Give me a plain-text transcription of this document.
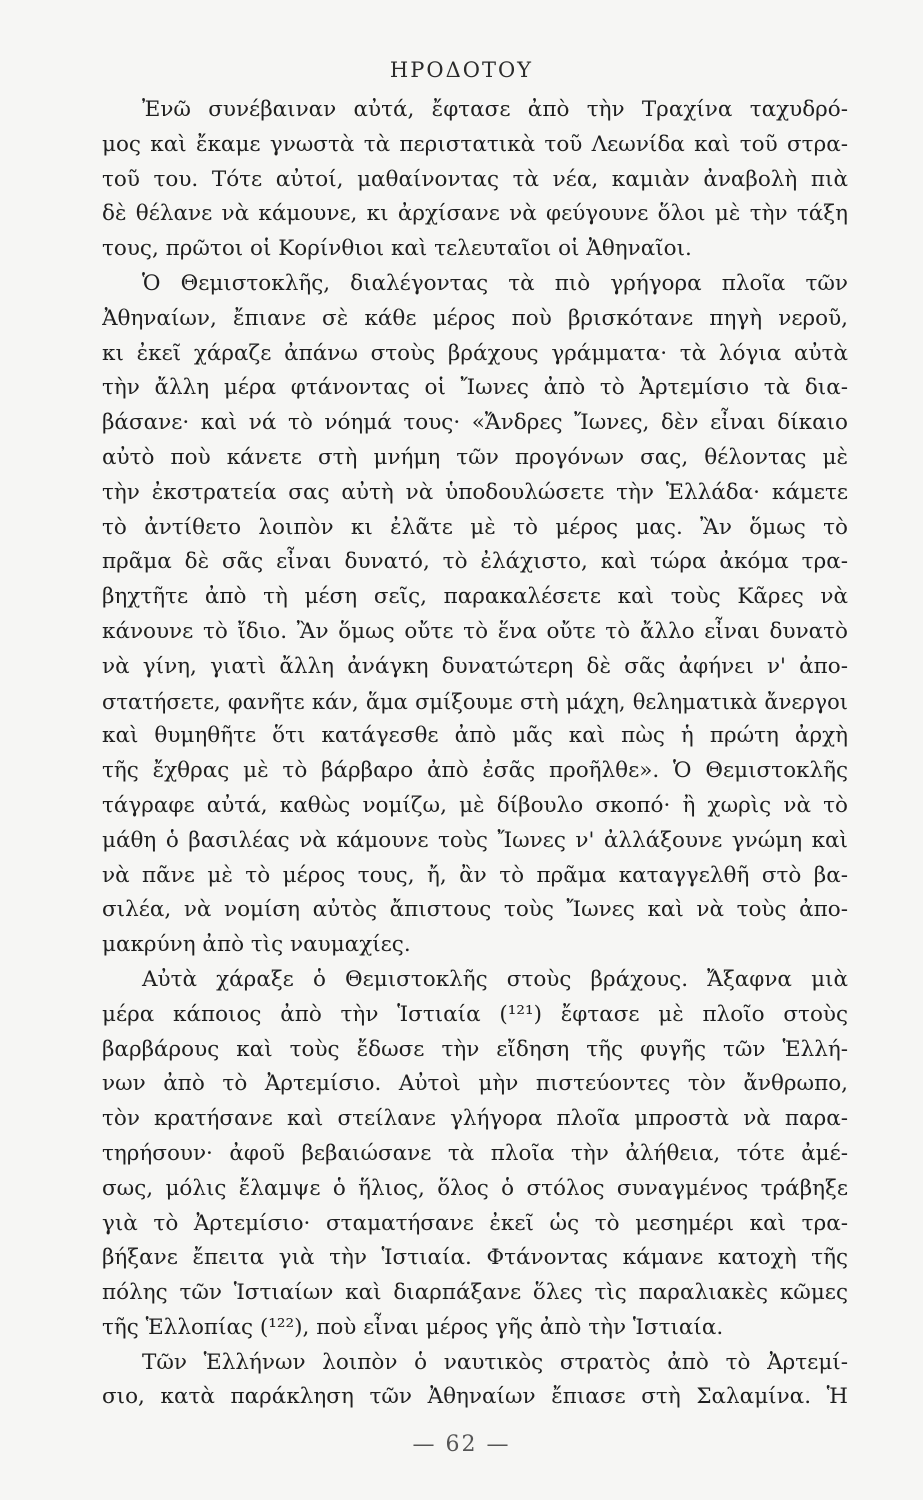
ΗΡΟΔΟΤΟΥ
Ἐνῶ συνέβαιναν αὐτά, ἔφτασε ἀπὸ τὴν Τραχίνα ταχυδρό-
μος καὶ ἔκαμε γνωστὰ τὰ περιστατικὰ τοῦ Λεωνίδα καὶ τοῦ στρα-
τοῦ του. Τότε αὐτοί, μαθαίνοντας τὰ νέα, καμιὰν ἀναβολὴ πιὰ
δὲ θέλανε νὰ κάμουνε, κι ἀρχίσανε νὰ φεύγουνε ὅλοι μὲ τὴν τάξη
τους, πρῶτοι οἱ Κορίνθιοι καὶ τελευταῖοι οἱ Ἀθηναῖοι.
Ὁ Θεμιστοκλῆς, διαλέγοντας τὰ πιὸ γρήγορα πλοῖα τῶν
Ἀθηναίων, ἔπιανε σὲ κάθε μέρος ποὺ βρισκότανε πηγὴ νεροῦ,
κι ἐκεῖ χάραζε ἀπάνω στοὺς βράχους γράμματα· τὰ λόγια αὐτὰ
τὴν ἄλλη μέρα φτάνοντας οἱ Ἴωνες ἀπὸ τὸ Ἀρτεμίσιο τὰ δια-
βάσανε· καὶ νά τὸ νόημά τους· «Ἄνδρες Ἴωνες, δὲν εἶναι δίκαιο
αὐτὸ ποὺ κάνετε στὴ μνήμη τῶν προγόνων σας, θέλοντας μὲ
τὴν ἐκστρατεία σας αὐτὴ νὰ ὑποδουλώσετε τὴν Ἑλλάδα· κάμετε
τὸ ἀντίθετο λοιπὸν κι ἐλᾶτε μὲ τὸ μέρος μας. Ἂν ὅμως τὸ
πρᾶμα δὲ σᾶς εἶναι δυνατό, τὸ ἐλάχιστο, καὶ τώρα ἀκόμα τρα-
βηχτῆτε ἀπὸ τὴ μέση σεῖς, παρακαλέσετε καὶ τοὺς Κᾶρες νὰ
κάνουνε τὸ ἴδιο. Ἂν ὅμως οὔτε τὸ ἕνα οὔτε τὸ ἄλλο εἶναι δυνατὸ
νὰ γίνη, γιατὶ ἄλλη ἀνάγκη δυνατώτερη δὲ σᾶς ἀφήνει ν' ἀπο-
στατήσετε, φανῆτε κάν, ἅμα σμίξουμε στὴ μάχη, θεληματικὰ ἄνεργοι
καὶ θυμηθῆτε ὅτι κατάγεσθε ἀπὸ μᾶς καὶ πὼς ἡ πρώτη ἀρχὴ
τῆς ἔχθρας μὲ τὸ βάρβαρο ἀπὸ ἐσᾶς προῆλθε». Ὁ Θεμιστοκλῆς
τάγραφε αὐτά, καθὼς νομίζω, μὲ δίβουλο σκοπό· ἢ χωρὶς νὰ τὸ
μάθη ὁ βασιλέας νὰ κάμουνε τοὺς Ἴωνες ν' ἀλλάξουνε γνώμη καὶ
νὰ πᾶνε μὲ τὸ μέρος τους, ἤ, ἂν τὸ πρᾶμα καταγγελθῆ στὸ βα-
σιλέα, νὰ νομίση αὐτὸς ἄπιστους τοὺς Ἴωνες καὶ νὰ τοὺς ἀπο-
μακρύνη ἀπὸ τὶς ναυμαχίες.
Αὐτὰ χάραξε ὁ Θεμιστοκλῆς στοὺς βράχους. Ἄξαφνα μιὰ
μέρα κάποιος ἀπὸ τὴν Ἱστιαία (¹²¹) ἔφτασε μὲ πλοῖο στοὺς
βαρβάρους καὶ τοὺς ἔδωσε τὴν εἴδηση τῆς φυγῆς τῶν Ἑλλή-
νων ἀπὸ τὸ Ἀρτεμίσιο. Αὐτοὶ μὴν πιστεύοντες τὸν ἄνθρωπο,
τὸν κρατήσανε καὶ στείλανε γλήγορα πλοῖα μπροστὰ νὰ παρα-
τηρήσουν· ἀφοῦ βεβαιώσανε τὰ πλοῖα τὴν ἀλήθεια, τότε ἀμέ-
σως, μόλις ἔλαμψε ὁ ἥλιος, ὅλος ὁ στόλος συναγμένος τράβηξε
γιὰ τὸ Ἀρτεμίσιο· σταματήσανε ἐκεῖ ὡς τὸ μεσημέρι καὶ τρα-
βήξανε ἔπειτα γιὰ τὴν Ἱστιαία. Φτάνοντας κάμανε κατοχὴ τῆς
πόλης τῶν Ἱστιαίων καὶ διαρπάξανε ὅλες τὶς παραλιακὲς κῶμες
τῆς Ἑλλοπίας (¹²²), ποὺ εἶναι μέρος γῆς ἀπὸ τὴν Ἱστιαία.
Τῶν Ἑλλήνων λοιπὸν ὁ ναυτικὸς στρατὸς ἀπὸ τὸ Ἀρτεμί-
σιο, κατὰ παράκληση τῶν Ἀθηναίων ἔπιασε στὴ Σαλαμίνα. Ἡ
— 62 —
